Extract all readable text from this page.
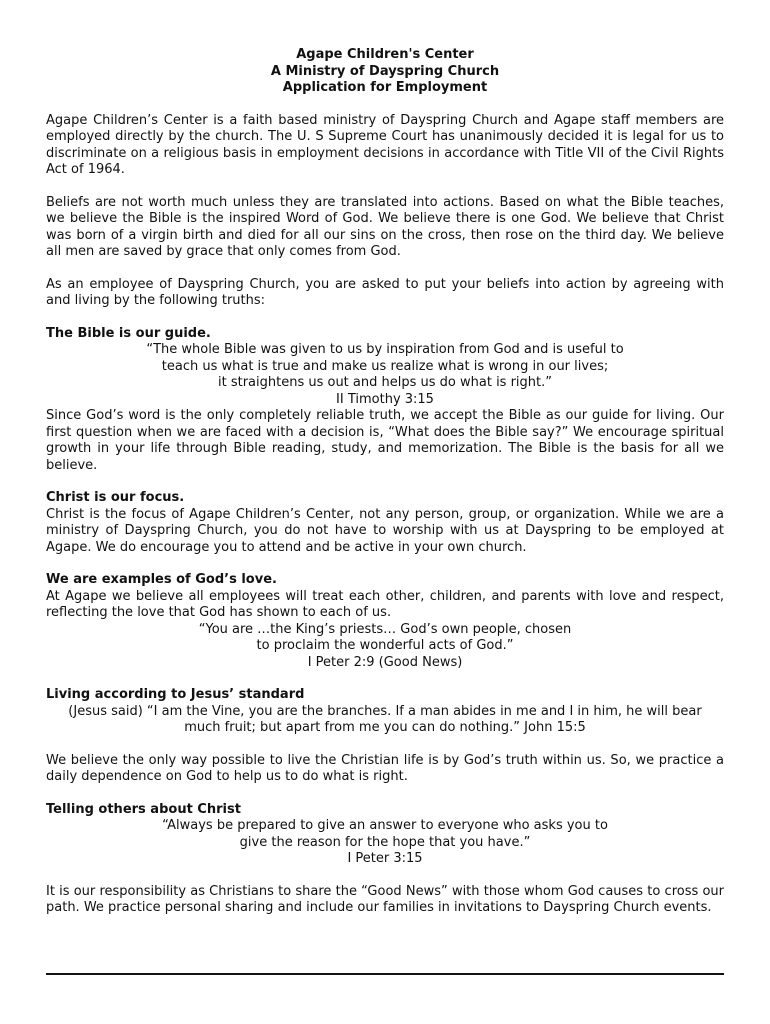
Agape Children's Center
A Ministry of Dayspring Church
Application for Employment

Agape Children’s Center is a faith based ministry of Dayspring Church and Agape staff members are employed directly by the church. The U. S Supreme Court has unanimously decided it is legal for us to discriminate on a religious basis in employment decisions in accordance with Title VII of the Civil Rights Act of 1964.

Beliefs are not worth much unless they are translated into actions. Based on what the Bible teaches, we believe the Bible is the inspired Word of God. We believe there is one God. We believe that Christ was born of a virgin birth and died for all our sins on the cross, then rose on the third day. We believe all men are saved by grace that only comes from God.

As an employee of Dayspring Church, you are asked to put your beliefs into action by agreeing with and living by the following truths:

The Bible is our guide.
“The whole Bible was given to us by inspiration from God and is useful to
teach us what is true and make us realize what is wrong in our lives;
it straightens us out and helps us do what is right.”
II Timothy 3:15

Since God’s word is the only completely reliable truth, we accept the Bible as our guide for living. Our first question when we are faced with a decision is, “What does the Bible say?” We encourage spiritual growth in your life through Bible reading, study, and memorization. The Bible is the basis for all we believe.

Christ is our focus.

Christ is the focus of Agape Children’s Center, not any person, group, or organization. While we are a ministry of Dayspring Church, you do not have to worship with us at Dayspring to be employed at Agape. We do encourage you to attend and be active in your own church.

We are examples of God’s love.

At Agape we believe all employees will treat each other, children, and parents with love and respect, reflecting the love that God has shown to each of us.

“You are …the King’s priests… God’s own people, chosen
to proclaim the wonderful acts of God.”
I Peter 2:9 (Good News)
Living according to Jesus’ standard
(Jesus said) “I am the Vine, you are the branches. If a man abides in me and I in him, he will bear
much fruit; but apart from me you can do nothing.” John 15:5

We believe the only way possible to live the Christian life is by God’s truth within us. So, we practice a daily dependence on God to help us to do what is right.

Telling others about Christ
“Always be prepared to give an answer to everyone who asks you to
give the reason for the hope that you have.”
I Peter 3:15

It is our responsibility as Christians to share the “Good News” with those whom God causes to cross our path. We practice personal sharing and include our families in invitations to Dayspring Church events.
